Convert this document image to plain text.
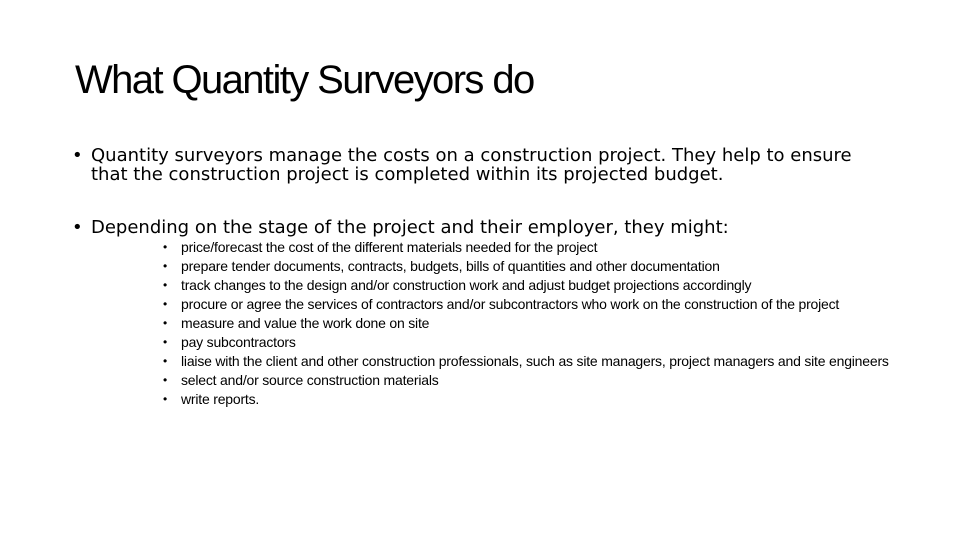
What Quantity Surveyors do
• Quantity surveyors manage the costs on a construction project. They help to ensure that the construction project is completed within its projected budget.
• Depending on the stage of the project and their employer, they might:
• price/forecast the cost of the different materials needed for the project
• prepare tender documents, contracts, budgets, bills of quantities and other documentation
• track changes to the design and/or construction work and adjust budget projections accordingly
• procure or agree the services of contractors and/or subcontractors who work on the construction of the project
• measure and value the work done on site
• pay subcontractors
• liaise with the client and other construction professionals, such as site managers, project managers and site engineers
• select and/or source construction materials
• write reports.
